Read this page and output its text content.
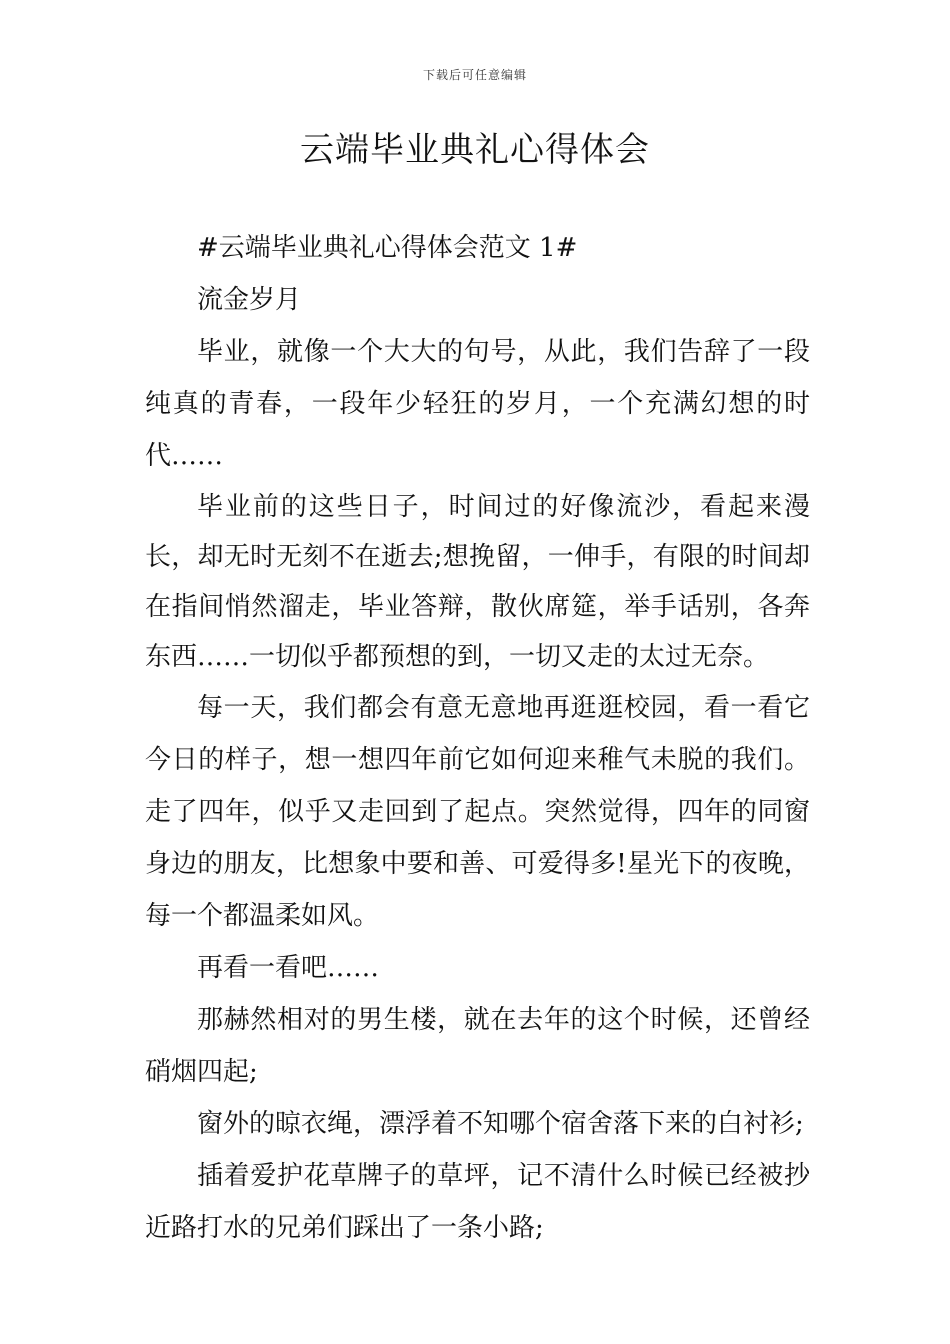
下载后可任意编辑
云端毕业典礼心得体会

#云端毕业典礼心得体会范文 1#

流金岁月

毕业，就像一个大大的句号，从此，我们告辞了一段纯真的青春，一段年少轻狂的岁月，一个充满幻想的时代……

毕业前的这些日子，时间过的好像流沙，看起来漫长，却无时无刻不在逝去;想挽留，一伸手，有限的时间却在指间悄然溜走，毕业答辩，散伙席筵，举手话别，各奔东西……一切似乎都预想的到，一切又走的太过无奈。

每一天，我们都会有意无意地再逛逛校园，看一看它今日的样子，想一想四年前它如何迎来稚气未脱的我们。走了四年，似乎又走回到了起点。突然觉得，四年的同窗身边的朋友，比想象中要和善、可爱得多!星光下的夜晚，每一个都温柔如风。

再看一看吧……

那赫然相对的男生楼，就在去年的这个时候，还曾经硝烟四起;

窗外的晾衣绳，漂浮着不知哪个宿舍落下来的白衬衫;

插着爱护花草牌子的草坪，记不清什么时候已经被抄近路打水的兄弟们踩出了一条小路;
